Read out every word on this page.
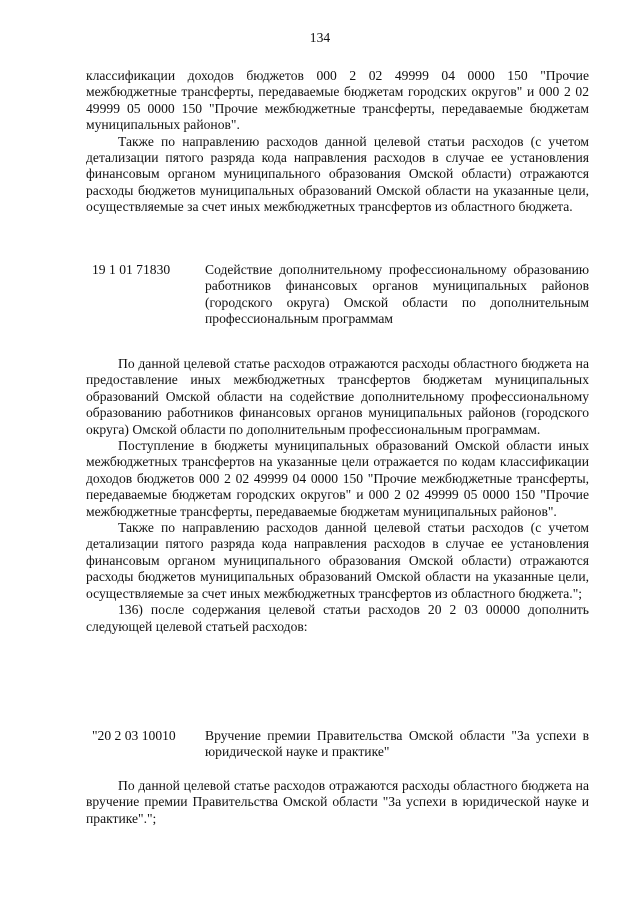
134

классификации доходов бюджетов 000 2 02 49999 04 0000 150 "Прочие межбюджетные трансферты, передаваемые бюджетам городских округов" и 000 2 02 49999 05 0000 150 "Прочие межбюджетные трансферты, передаваемые бюджетам муниципальных районов".

Также по направлению расходов данной целевой статьи расходов (с учетом детализации пятого разряда кода направления расходов в случае ее установления финансовым органом муниципального образования Омской области) отражаются расходы бюджетов муниципальных образований Омской области на указанные цели, осуществляемые за счет иных межбюджетных трансфертов из областного бюджета.

19 1 01 71830	Содействие дополнительному профессиональному образованию работников финансовых органов муниципальных районов (городского округа) Омской области по дополнительным профессиональным программам

По данной целевой статье расходов отражаются расходы областного бюджета на предоставление иных межбюджетных трансфертов бюджетам муниципальных образований Омской области на содействие дополнительному профессиональному образованию работников финансовых органов муниципальных районов (городского округа) Омской области по дополнительным профессиональным программам.

Поступление в бюджеты муниципальных образований Омской области иных межбюджетных трансфертов на указанные цели отражается по кодам классификации доходов бюджетов 000 2 02 49999 04 0000 150 "Прочие межбюджетные трансферты, передаваемые бюджетам городских округов" и 000 2 02 49999 05 0000 150 "Прочие межбюджетные трансферты, передаваемые бюджетам муниципальных районов".

Также по направлению расходов данной целевой статьи расходов (с учетом детализации пятого разряда кода направления расходов в случае ее установления финансовым органом муниципального образования Омской области) отражаются расходы бюджетов муниципальных образований Омской области на указанные цели, осуществляемые за счет иных межбюджетных трансфертов из областного бюджета.";

136) после содержания целевой статьи расходов 20 2 03 00000 дополнить следующей целевой статьей расходов:

"20 2 03 10010 Вручение премии Правительства Омской области "За успехи в юридической науке и практике"

По данной целевой статье расходов отражаются расходы областного бюджета на вручение премии Правительства Омской области "За успехи в юридической науке и практике".";
